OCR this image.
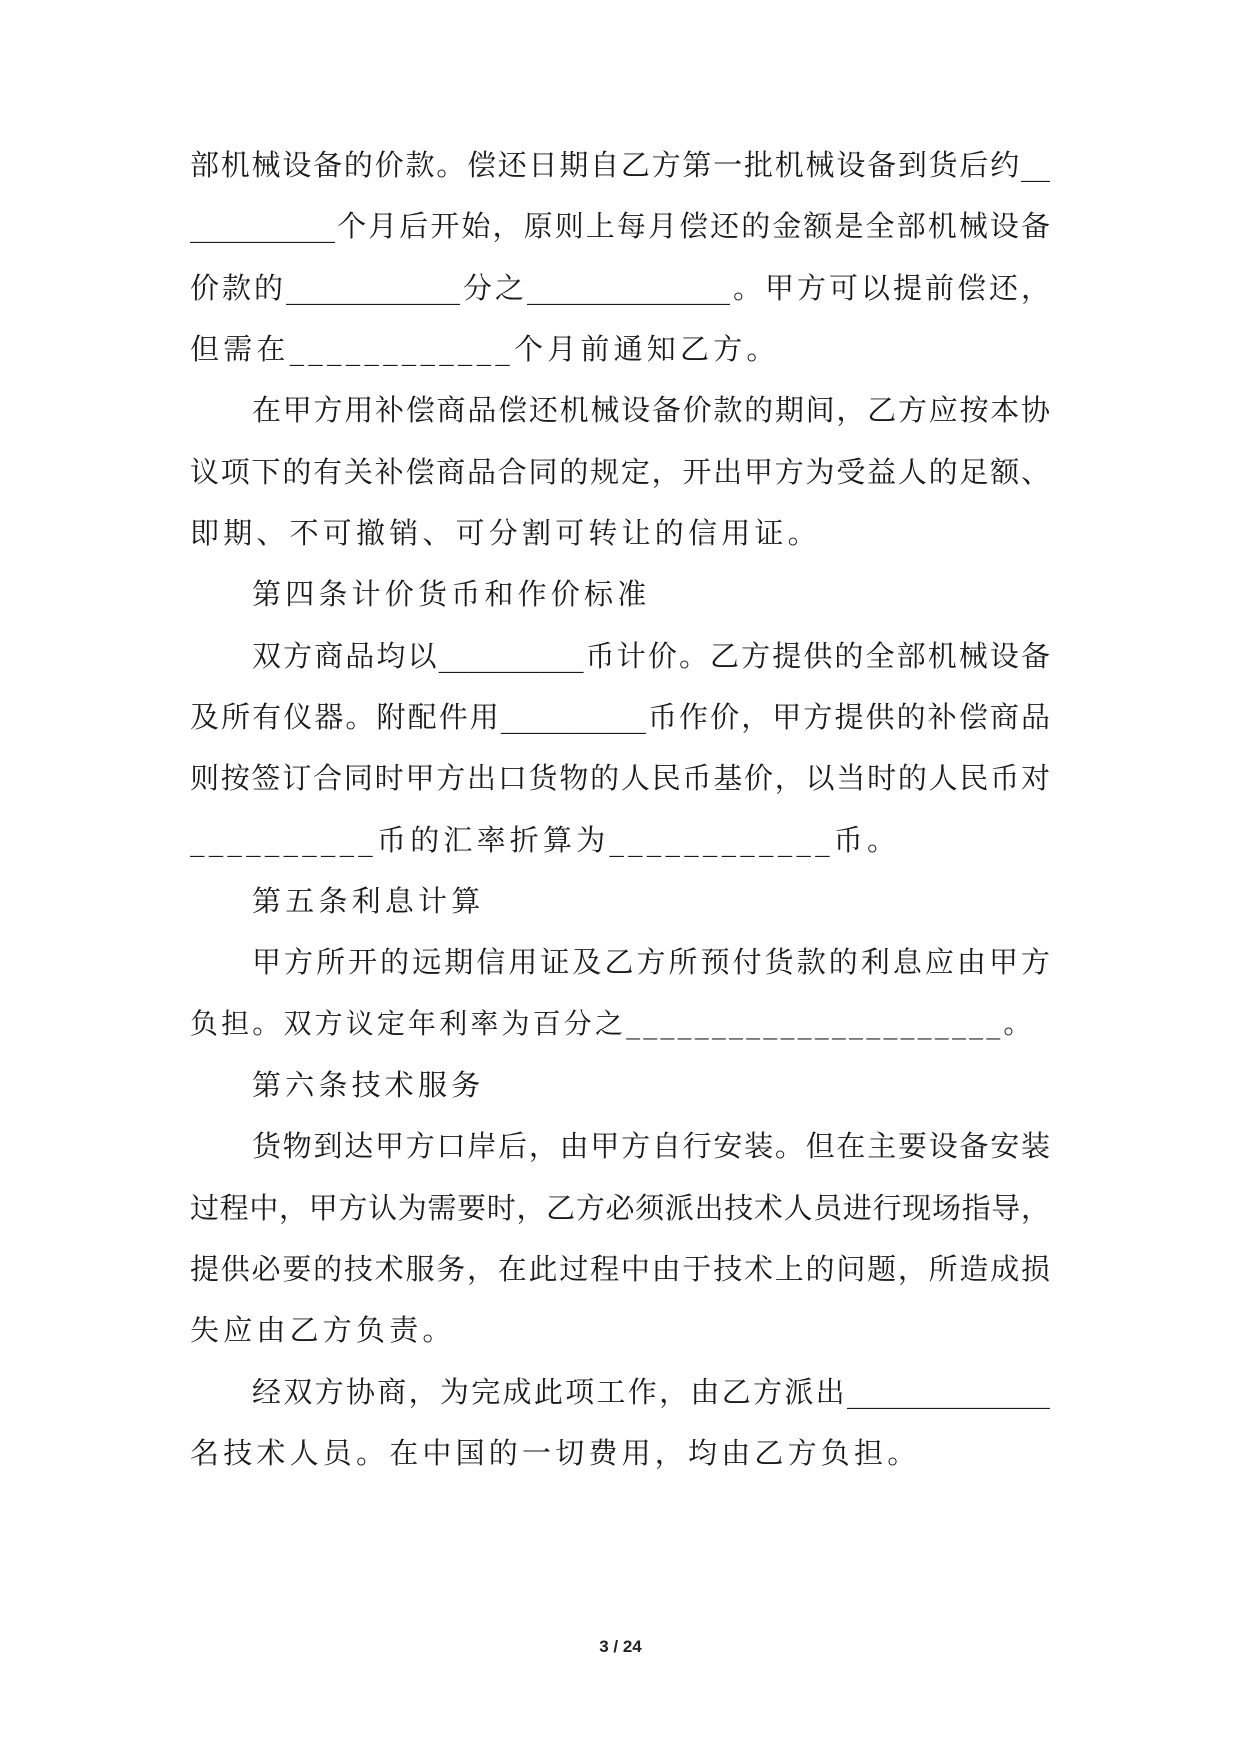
部机械设备的价款。偿还日期自乙方第一批机械设备到货后约__
__________个月后开始，原则上每月偿还的金额是全部机械设备
价款的____________分之______________。甲方可以提前偿还，
但需在____________个月前通知乙方。
在甲方用补偿商品偿还机械设备价款的期间，乙方应按本协
议项下的有关补偿商品合同的规定，开出甲方为受益人的足额、
即期、不可撤销、可分割可转让的信用证。
第四条计价货币和作价标准
双方商品均以__________币计价。乙方提供的全部机械设备
及所有仪器。附配件用__________币作价，甲方提供的补偿商品
则按签订合同时甲方出口货物的人民币基价，以当时的人民币对
__________币的汇率折算为____________币。
第五条利息计算
甲方所开的远期信用证及乙方所预付货款的利息应由甲方
负担。双方议定年利率为百分之______________________。
第六条技术服务
货物到达甲方口岸后，由甲方自行安装。但在主要设备安装
过程中，甲方认为需要时，乙方必须派出技术人员进行现场指导，
提供必要的技术服务，在此过程中由于技术上的问题，所造成损
失应由乙方负责。
经双方协商，为完成此项工作，由乙方派出______________
名技术人员。在中国的一切费用，均由乙方负担。
3 / 24
